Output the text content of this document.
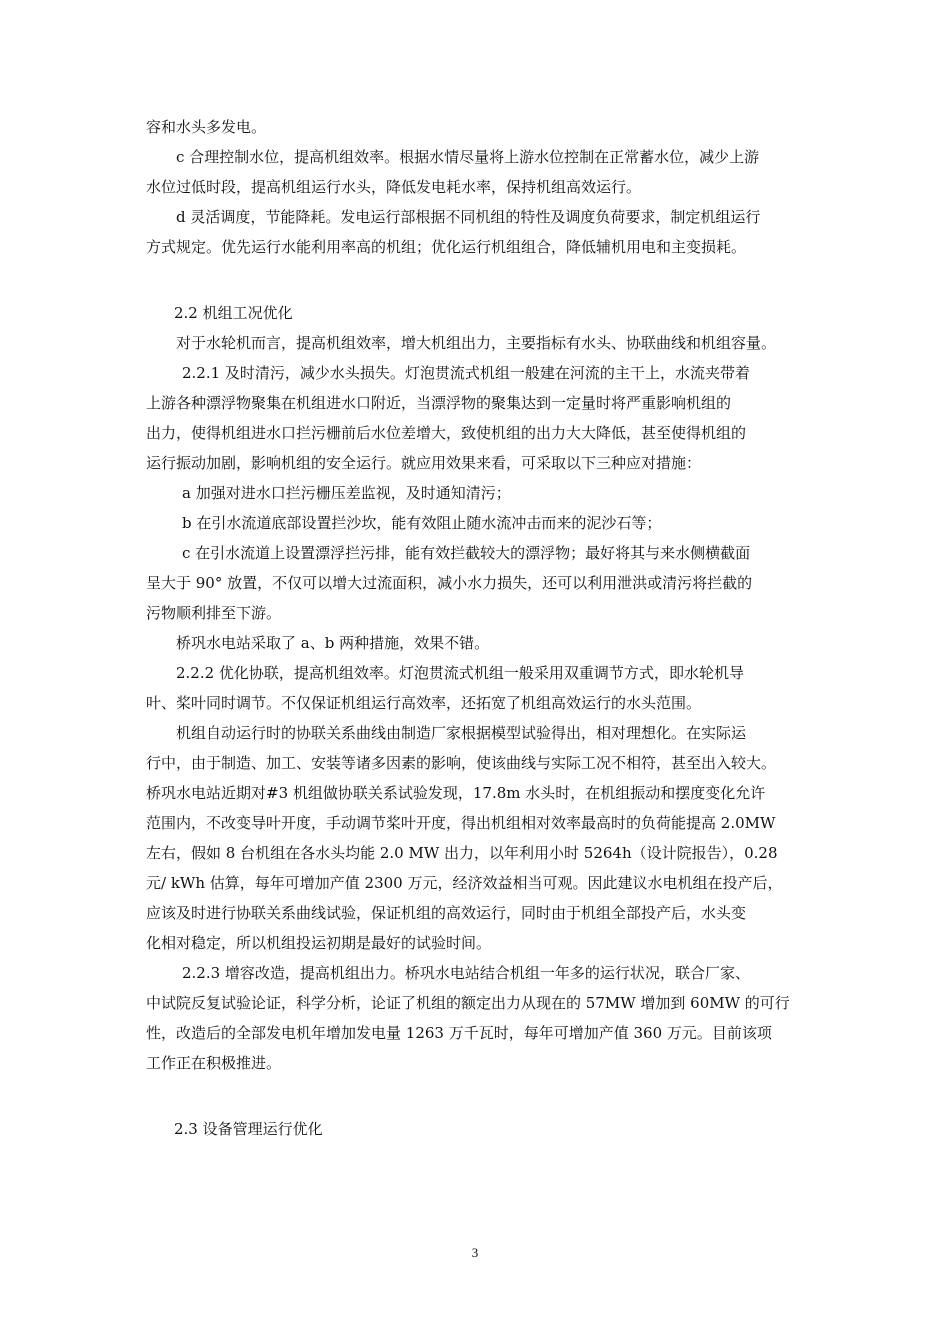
容和水头多发电。

c 合理控制水位，提高机组效率。根据水情尽量将上游水位控制在正常蓄水位，减少上游

水位过低时段，提高机组运行水头，降低发电耗水率，保持机组高效运行。

d 灵活调度，节能降耗。发电运行部根据不同机组的特性及调度负荷要求，制定机组运行

方式规定。优先运行水能利用率高的机组；优化运行机组组合，降低辅机用电和主变损耗。

2.2 机组工况优化

对于水轮机而言，提高机组效率，增大机组出力，主要指标有水头、协联曲线和机组容量。

2.2.1 及时清污，减少水头损失。灯泡贯流式机组一般建在河流的主干上，水流夹带着

上游各种漂浮物聚集在机组进水口附近，当漂浮物的聚集达到一定量时将严重影响机组的

出力，使得机组进水口拦污栅前后水位差增大，致使机组的出力大大降低，甚至使得机组的

运行振动加剧，影响机组的安全运行。就应用效果来看，可采取以下三种应对措施：

a 加强对进水口拦污栅压差监视，及时通知清污；

b 在引水流道底部设置拦沙坎，能有效阻止随水流冲击而来的泥沙石等；

c 在引水流道上设置漂浮拦污排，能有效拦截较大的漂浮物；最好将其与来水侧横截面

呈大于 90° 放置，不仅可以增大过流面积，减小水力损失，还可以利用泄洪或清污将拦截的

污物顺利排至下游。

桥巩水电站采取了 a、b 两种措施，效果不错。

2.2.2 优化协联，提高机组效率。灯泡贯流式机组一般采用双重调节方式，即水轮机导

叶、桨叶同时调节。不仅保证机组运行高效率，还拓宽了机组高效运行的水头范围。

机组自动运行时的协联关系曲线由制造厂家根据模型试验得出，相对理想化。在实际运

行中，由于制造、加工、安装等诸多因素的影响，使该曲线与实际工况不相符，甚至出入较大。

桥巩水电站近期对#3 机组做协联关系试验发现，17.8m 水头时，在机组振动和摆度变化允许

范围内，不改变导叶开度，手动调节桨叶开度，得出机组相对效率最高时的负荷能提高 2.0MW

左右，假如 8 台机组在各水头均能 2.0 MW 出力，以年利用小时 5264h（设计院报告），0.28

元/ kWh 估算，每年可增加产值 2300 万元，经济效益相当可观。因此建议水电机组在投产后，

应该及时进行协联关系曲线试验，保证机组的高效运行，同时由于机组全部投产后，水头变

化相对稳定，所以机组投运初期是最好的试验时间。

2.2.3 增容改造，提高机组出力。桥巩水电站结合机组一年多的运行状况，联合厂家、

中试院反复试验论证，科学分析，论证了机组的额定出力从现在的 57MW 增加到 60MW 的可行

性，改造后的全部发电机年增加发电量 1263 万千瓦时，每年可增加产值 360 万元。目前该项

工作正在积极推进。

2.3 设备管理运行优化

3
